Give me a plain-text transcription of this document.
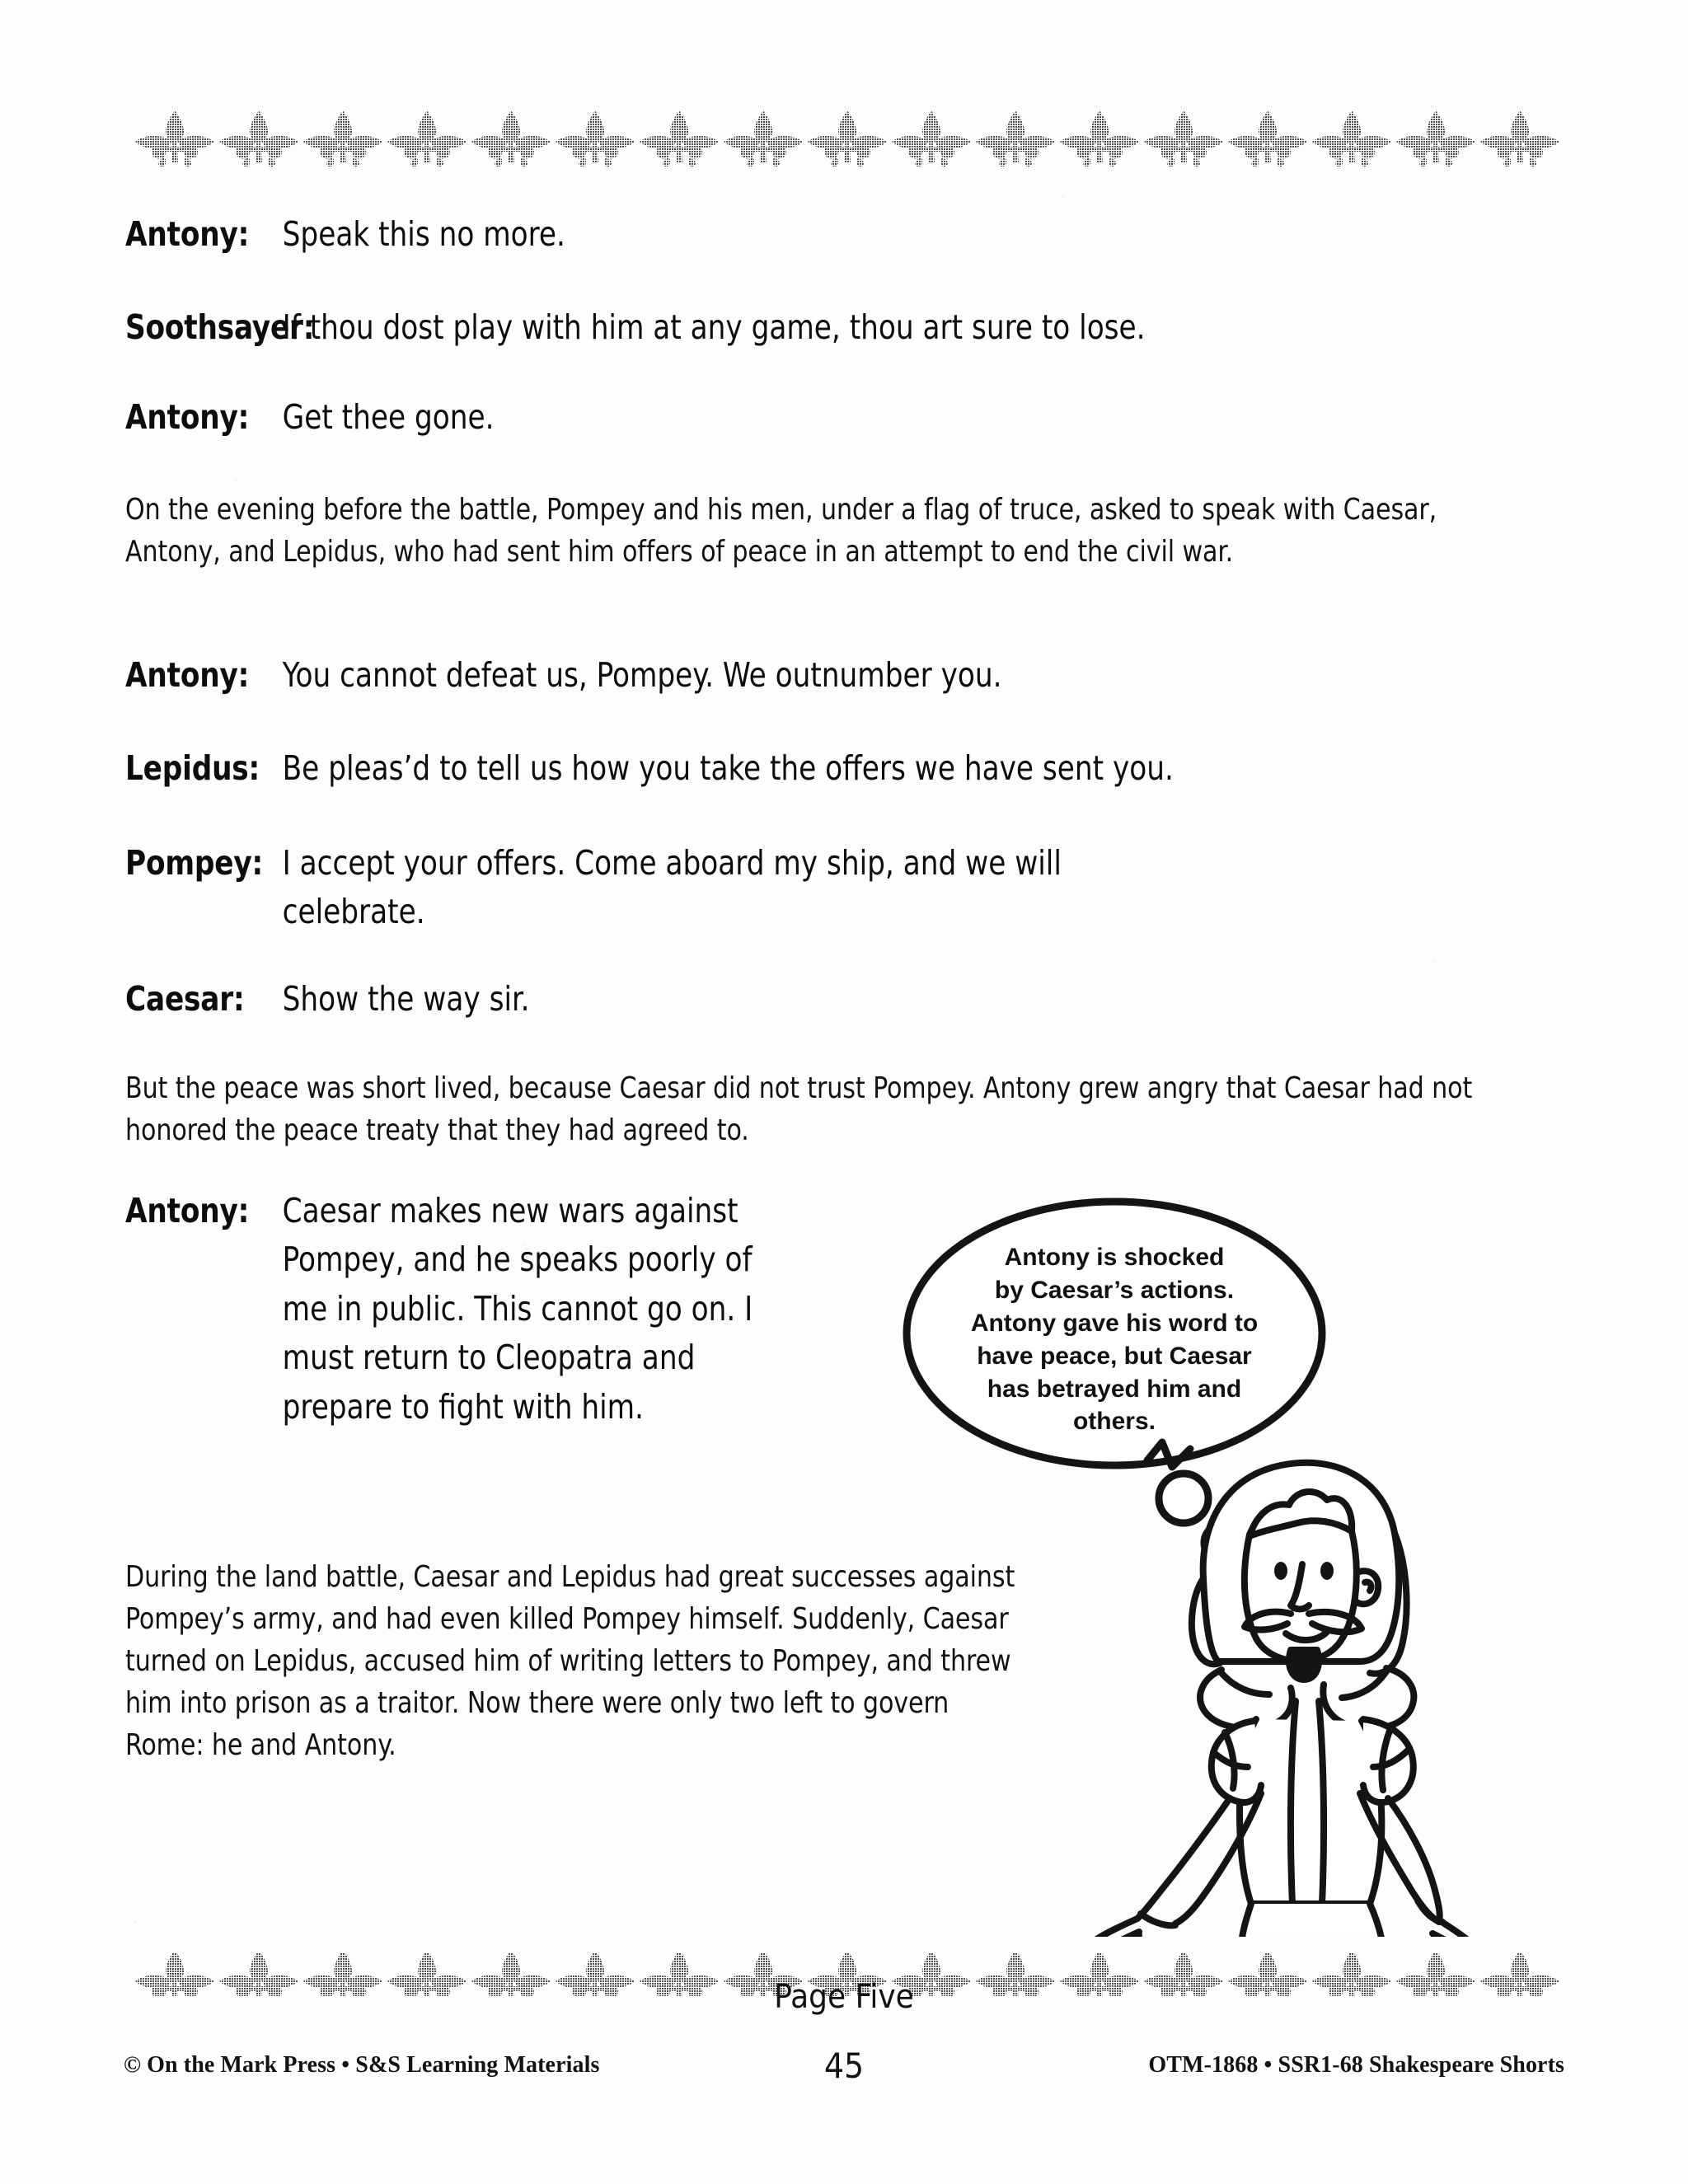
Antony: Speak this no more.
Soothsayer:
If thou dost play with him at any game, thou art sure to lose.
Antony: Get thee gone.
On the evening before the battle, Pompey and his men, under a flag of truce, asked to speak with Caesar, Antony, and Lepidus, who had sent him offers of peace in an attempt to end the civil war.
Antony: You cannot defeat us, Pompey. We outnumber you.
Lepidus: Be pleas’d to tell us how you take the offers we have sent you.
Pompey: I accept your offers. Come aboard my ship, and we will celebrate.
Caesar:	Show the way sir.
But the peace was short lived, because Caesar did not trust Pompey. Antony grew angry that Caesar had not honored the peace treaty that they had agreed to.
Antony: Caesar makes new wars against Pompey, and he speaks poorly of me in public. This cannot go on. I must return to Cleopatra and prepare to fight with him.
Antony is shocked
by Caesar’s actions.
Antony gave his word to
have peace, but Caesar
has betrayed him and
others.
During the land battle, Caesar and Lepidus had great successes against Pompey’s army, and had even killed Pompey himself. Suddenly, Caesar turned on Lepidus, accused him of writing letters to Pompey, and threw him into prison as a traitor. Now there were only two left to govern Rome: he and Antony.
Page Five
© On the Mark Press • S&S Learning Materials	45	OTM-1868 • SSR1-68 Shakespeare Shorts
